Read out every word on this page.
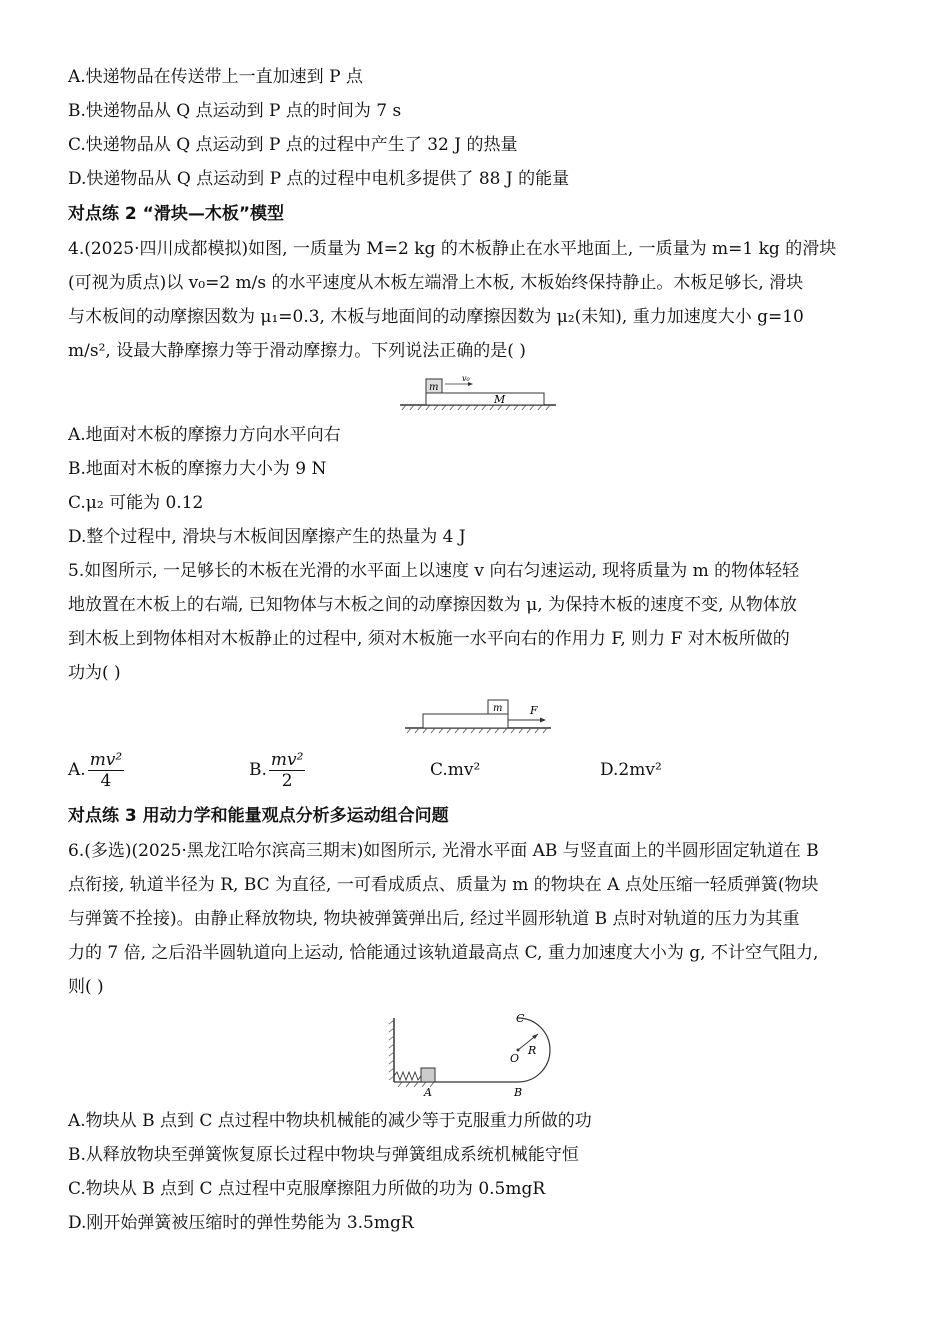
A.快递物品在传送带上一直加速到 P 点
B.快递物品从 Q 点运动到 P 点的时间为 7 s
C.快递物品从 Q 点运动到 P 点的过程中产生了 32 J 的热量
D.快递物品从 Q 点运动到 P 点的过程中电机多提供了 88 J 的能量
对点练 2 “滑块—木板”模型
4.(2025·四川成都模拟)如图, 一质量为 M=2 kg 的木板静止在水平地面上, 一质量为 m=1 kg 的滑块
(可视为质点)以 v₀=2 m/s 的水平速度从木板左端滑上木板, 木板始终保持静止。木板足够长, 滑块
与木板间的动摩擦因数为 μ₁=0.3, 木板与地面间的动摩擦因数为 μ₂(未知), 重力加速度大小 g=10
m/s², 设最大静摩擦力等于滑动摩擦力。下列说法正确的是( )
m
v₀
M
A.地面对木板的摩擦力方向水平向右
B.地面对木板的摩擦力大小为 9 N
C.μ₂ 可能为 0.12
D.整个过程中, 滑块与木板间因摩擦产生的热量为 4 J
5.如图所示, 一足够长的木板在光滑的水平面上以速度 v 向右匀速运动, 现将质量为 m 的物体轻轻
地放置在木板上的右端, 已知物体与木板之间的动摩擦因数为 μ, 为保持木板的速度不变, 从物体放
到木板上到物体相对木板静止的过程中, 须对木板施一水平向右的作用力 F, 则力 F 对木板所做的
功为( )
m	F
A. $\frac{\text{mv²}}{4}$	B. $\frac{\text{mv²}}{2}$	C.mv²	D.2mv²
对点练 3 用动力学和能量观点分析多运动组合问题
6.(多选)(2025·黑龙江哈尔滨高三期末)如图所示, 光滑水平面 AB 与竖直面上的半圆形固定轨道在 B
点衔接, 轨道半径为 R, BC 为直径, 一可看成质点、质量为 m 的物块在 A 点处压缩一轻质弹簧(物块
与弹簧不拴接)。由静止释放物块, 物块被弹簧弹出后, 经过半圆形轨道 B 点时对轨道的压力为其重
力的 7 倍, 之后沿半圆轨道向上运动, 恰能通过该轨道最高点 C, 重力加速度大小为 g, 不计空气阻力,
则( )
C
R
O
A	B
A.物块从 B 点到 C 点过程中物块机械能的减少等于克服重力所做的功
B.从释放物块至弹簧恢复原长过程中物块与弹簧组成系统机械能守恒
C.物块从 B 点到 C 点过程中克服摩擦阻力所做的功为 0.5mgR
D.刚开始弹簧被压缩时的弹性势能为 3.5mgR
